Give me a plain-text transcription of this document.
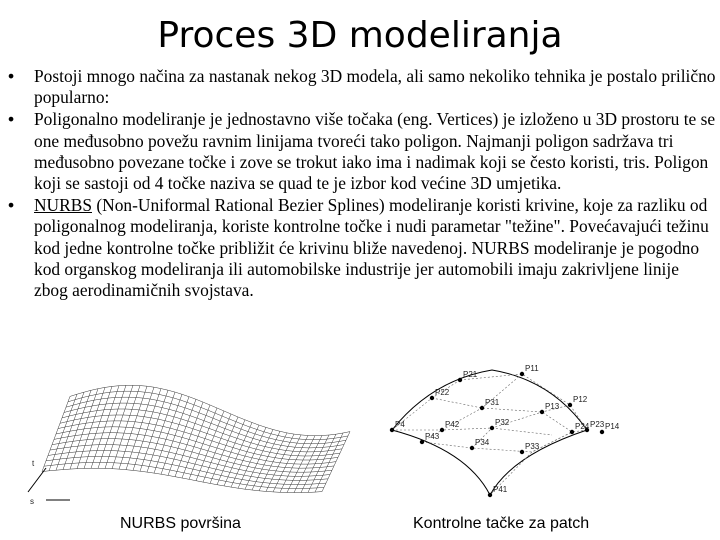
Proces 3D modeliranja
• Postoji mnogo načina za nastanak nekog 3D modela, ali samo nekoliko tehnika je postalo prilično popularno:
• Poligonalno modeliranje je jednostavno više točaka (eng. Vertices) je izloženo u 3D prostoru te se one međusobno povežu ravnim linijama tvoreći tako poligon. Najmanji poligon sadržava tri međusobno povezane točke i zove se trokut iako ima i nadimak koji se često koristi, tris. Poligon koji se sastoji od 4 točke naziva se quad te je izbor kod većine 3D umjetika.
• NURBS (Non-Uniformal Rational Bezier Splines) modeliranje koristi krivine, koje za razliku od poligonalnog modeliranja, koriste kontrolne točke i nudi parametar "težine". Povećavajući težinu kod jedne kontrolne točke približit će krivinu bliže navedenoj. NURBS modeliranje je pogodno kod organskog modeliranja ili automobilske industrije jer automobili imaju zakrivljene linije zbog aerodinamičnih svojstava.
t
s
P21
P11
P31
P22
P12
P13
P32	P23
P4	P42
P33
P24 P14
P43
P34
P41
NURBS površina	Kontrolne tačke za patch
